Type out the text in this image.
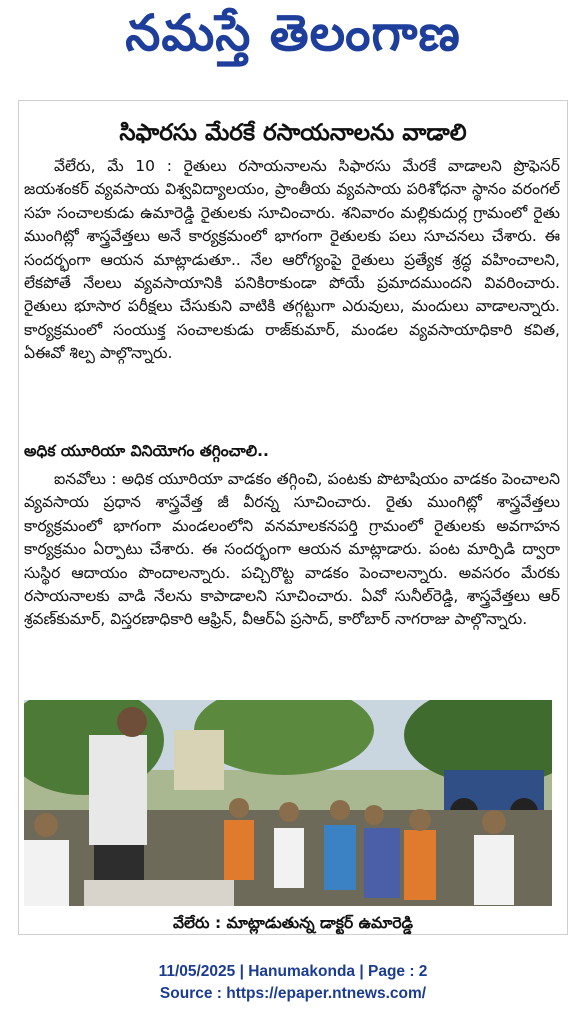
నమస్తే తెలంగాణ
సిఫారసు మేరకే రసాయనాలను వాడాలి

వేలేరు, మే 10 : రైతులు రసాయనాలను సిఫారసు మేరకే వాడాలని ప్రొఫెసర్ జయశంకర్ వ్యవసాయ విశ్వవిద్యాలయం, ప్రాంతీయ వ్యవసాయ పరిశోధనా స్థానం వరంగల్ సహ సంచాలకుడు ఉమారెడ్డి రైతులకు సూచించారు. శనివారం మల్లికుదుర్ల గ్రామంలో రైతు ముంగిట్లో శాస్త్రవేత్తలు అనే కార్యక్రమంలో భాగంగా రైతులకు పలు సూచనలు చేశారు. ఈ సందర్భంగా ఆయన మాట్లాడుతూ.. నేల ఆరోగ్యంపై రైతులు ప్రత్యేక శ్రద్ధ వహించాలని, లేకపోతే నేలలు వ్యవసాయానికి పనికిరాకుండా పోయే ప్రమాదముందని వివరించారు. రైతులు భూసార పరీక్షలు చేసుకుని వాటికి తగ్గట్టుగా ఎరువులు, మందులు వాడాలన్నారు. కార్యక్రమంలో సంయుక్త సంచాలకుడు రాజ్‌కుమార్, మండల వ్యవసాయాధికారి కవిత, ఏఈవో శిల్ప పాల్గొన్నారు.

అధిక యూరియా వినియోగం తగ్గించాలి..

ఐనవోలు : అధిక యూరియా వాడకం తగ్గించి, పంటకు పొటాషియం వాడకం పెంచాలని వ్యవసాయ ప్రధాన శాస్త్రవేత్త జీ వీరన్న సూచించారు. రైతు ముంగిట్లో శాస్త్రవేత్తలు కార్యక్రమంలో భాగంగా మండలంలోని వనమాలకనపర్తి గ్రామంలో రైతులకు అవగాహన కార్యక్రమం ఏర్పాటు చేశారు. ఈ సందర్భంగా ఆయన మాట్లాడారు. పంట మార్పిడి ద్వారా సుస్థిర ఆదాయం పొందాలన్నారు. పచ్చిరొట్ట వాడకం పెంచాలన్నారు. అవసరం మేరకు రసాయనాలకు వాడి నేలను కాపాడాలని సూచించారు. ఏవో సునీల్‌రెడ్డి, శాస్త్రవేత్తలు ఆర్ శ్రవణ్‌కుమార్, విస్తరణాధికారి ఆఫ్రిన్, వీఆర్ఏ ప్రసాద్, కారోబార్ నాగరాజు పాల్గొన్నారు.

వేలేరు : మాట్లాడుతున్న డాక్టర్ ఉమారెడ్డి
11/05/2025 | Hanumakonda | Page : 2
Source : https://epaper.ntnews.com/
